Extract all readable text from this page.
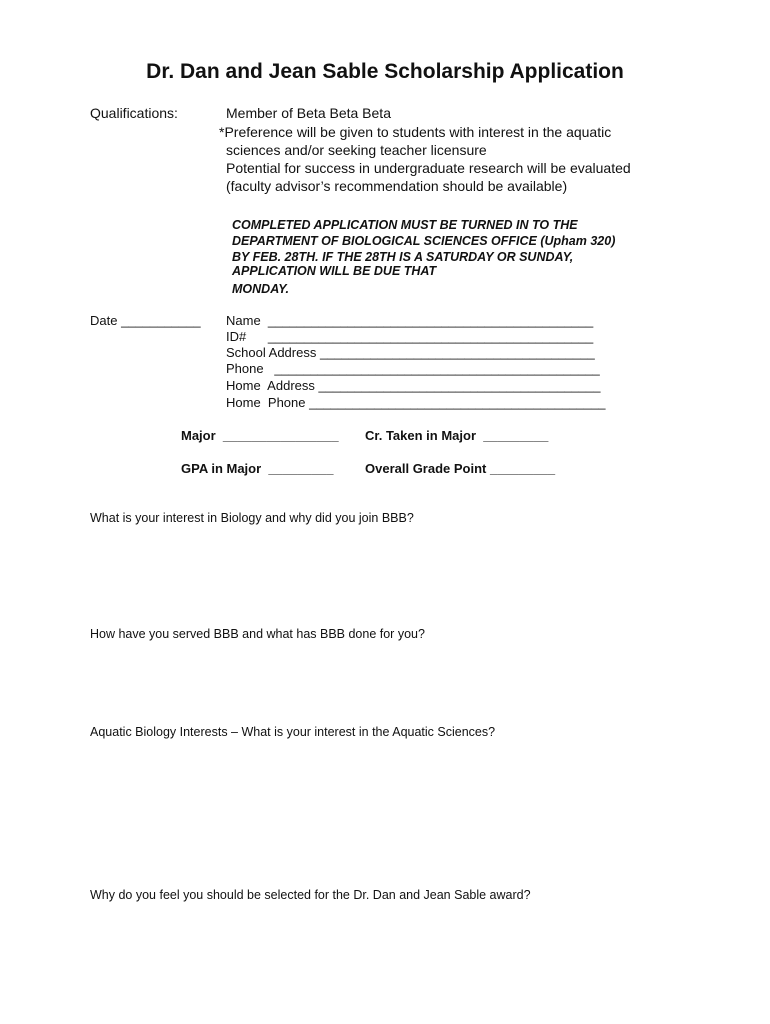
Dr. Dan and Jean Sable Scholarship Application
Qualifications:	Member of Beta Beta Beta
*Preference will be given to students with interest in the aquatic
sciences and/or seeking teacher licensure
Potential for success in undergraduate research will be evaluated
(faculty advisor’s recommendation should be available)
COMPLETED APPLICATION MUST BE TURNED IN TO THE
DEPARTMENT OF BIOLOGICAL SCIENCES OFFICE (Upham 320)
BY FEB. 28TH. IF THE 28TH IS A SATURDAY OR SUNDAY,
APPLICATION WILL BE DUE THAT
MONDAY.
Date ___________ Name  _____________________________________________
ID#      _____________________________________________
School Address ______________________________________
Phone   _____________________________________________
Home  Address _______________________________________
Home  Phone _________________________________________
Major  ________________ Cr. Taken in Major  _________
GPA in Major  _________ Overall Grade Point _________
What is your interest in Biology and why did you join BBB?
How have you served BBB and what has BBB done for you?
Aquatic Biology Interests – What is your interest in the Aquatic Sciences?
Why do you feel you should be selected for the Dr. Dan and Jean Sable award?
